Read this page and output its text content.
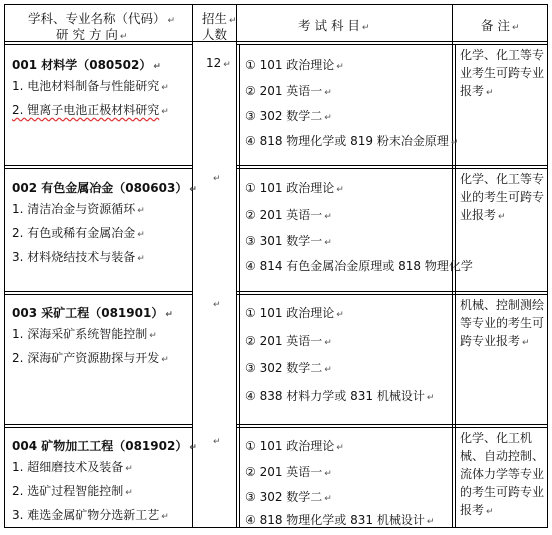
学科、专业名称（代码） ↵
研 究 方 向 ↵
招生 ↵
人数
考 试 科 目 ↵	备 注 ↵
12 ↵
↵
↵
↵
001 材料学（080502） ↵
1. 电池材料制备与性能研究 ↵
2. 锂离子电池正极材料研究 ↵
① 101 政治理论 ↵
② 201 英语一 ↵
③ 302 数学二 ↵
④ 818 物理化学或 819 粉末冶金原理 ↵
化学、化工等专业考生可跨专业报考 ↵
002 有色金属冶金（080603） ↵
1. 清洁冶金与资源循环 ↵
2. 有色或稀有金属冶金 ↵
3. 材料烧结技术与装备 ↵
① 101 政治理论 ↵
② 201 英语一 ↵
③ 301 数学一 ↵
④ 814 有色金属冶金原理或 818 物理化学
化学、化工等专业的考生可跨专业报考 ↵
003 采矿工程（081901） ↵
1. 深海采矿系统智能控制 ↵
2. 深海矿产资源勘探与开发 ↵
① 101 政治理论 ↵
② 201 英语一 ↵
③ 302 数学二 ↵
④ 838 材料力学或 831 机械设计 ↵
机械、控制测绘等专业的考生可跨专业报考 ↵
004 矿物加工工程（081902） ↵
1. 超细磨技术及装备 ↵
2. 选矿过程智能控制 ↵
3. 难选金属矿物分选新工艺 ↵
① 101 政治理论 ↵
② 201 英语一 ↵
③ 302 数学二 ↵
④ 818 物理化学或 831 机械设计 ↵
化学、化工机械、自动控制、流体力学等专业的考生可跨专业报考 ↵
